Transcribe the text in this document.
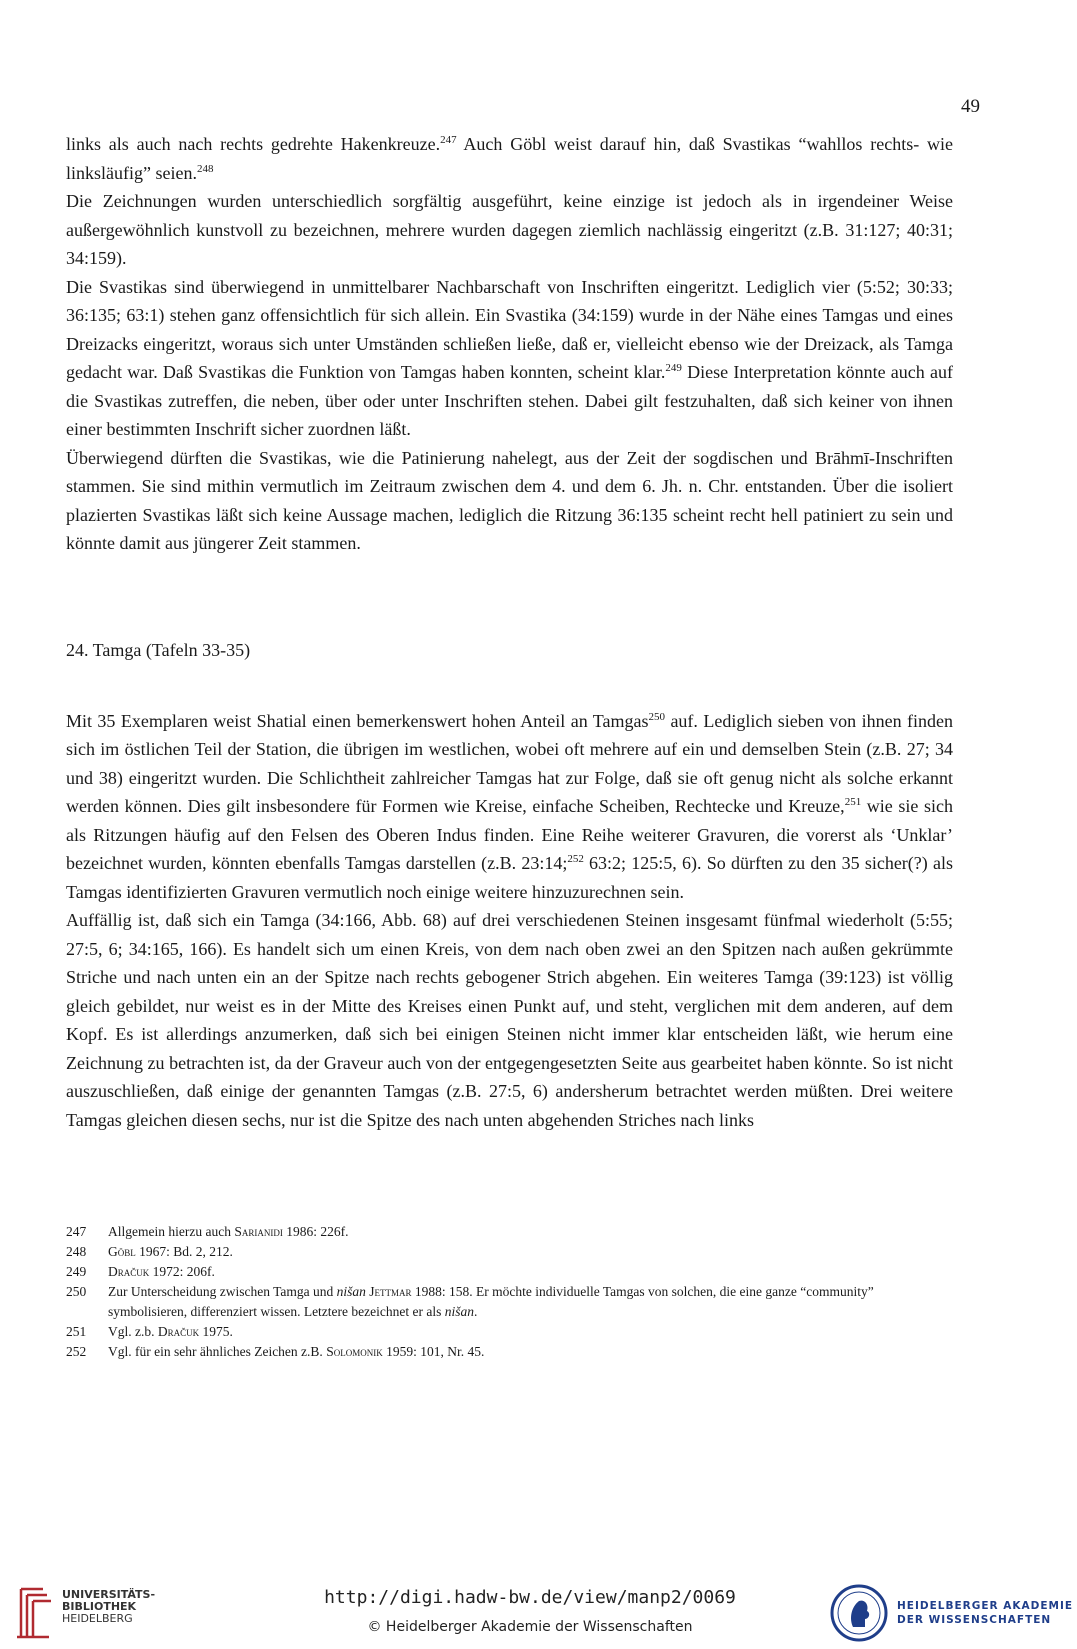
49

links als auch nach rechts gedrehte Hakenkreuze.$^{247}$ Auch Göbl weist darauf hin, daß Svastikas “wahllos rechts- wie linksläufig” seien.$^{248}$

Die Zeichnungen wurden unterschiedlich sorgfältig ausgeführt, keine einzige ist jedoch als in irgendeiner Weise außergewöhnlich kunstvoll zu bezeichnen, mehrere wurden dagegen ziemlich nachlässig eingeritzt (z.B. 31:127; 40:31; 34:159).

Die Svastikas sind überwiegend in unmittelbarer Nachbarschaft von Inschriften eingeritzt. Lediglich vier (5:52; 30:33; 36:135; 63:1) stehen ganz offensichtlich für sich allein. Ein Svastika (34:159) wurde in der Nähe eines Tamgas und eines Dreizacks eingeritzt, woraus sich unter Umständen schließen ließe, daß er, vielleicht ebenso wie der Dreizack, als Tamga gedacht war. Daß Svastikas die Funktion von Tamgas haben konnten, scheint klar.$^{249}$ Diese Interpretation könnte auch auf die Svastikas zutreffen, die neben, über oder unter Inschriften stehen. Dabei gilt festzuhalten, daß sich keiner von ihnen einer bestimmten Inschrift sicher zuordnen läßt.

Überwiegend dürften die Svastikas, wie die Patinierung nahelegt, aus der Zeit der sogdischen und Brāhmī-Inschriften stammen. Sie sind mithin vermutlich im Zeitraum zwischen dem 4. und dem 6. Jh. n. Chr. entstanden. Über die isoliert plazierten Svastikas läßt sich keine Aussage machen, lediglich die Ritzung 36:135 scheint recht hell patiniert zu sein und könnte damit aus jüngerer Zeit stammen.

24. Tamga (Tafeln 33-35)

Mit 35 Exemplaren weist Shatial einen bemerkenswert hohen Anteil an Tamgas$^{250}$ auf. Lediglich sieben von ihnen finden sich im östlichen Teil der Station, die übrigen im westlichen, wobei oft mehrere auf ein und demselben Stein (z.B. 27; 34 und 38) eingeritzt wurden. Die Schlichtheit zahlreicher Tamgas hat zur Folge, daß sie oft genug nicht als solche erkannt werden können. Dies gilt insbesondere für Formen wie Kreise, einfache Scheiben, Rechtecke und Kreuze,$^{251}$ wie sie sich als Ritzungen häufig auf den Felsen des Oberen Indus finden. Eine Reihe weiterer Gravuren, die vorerst als ‘Unklar’ bezeichnet wurden, könnten ebenfalls Tamgas darstellen (z.B. 23:14;$^{252}$ 63:2; 125:5, 6). So dürften zu den 35 sicher(?) als Tamgas identifizierten Gravuren vermutlich noch einige weitere hinzuzurechnen sein.

Auffällig ist, daß sich ein Tamga (34:166, Abb. 68) auf drei verschiedenen Steinen insgesamt fünfmal wiederholt (5:55; 27:5, 6; 34:165, 166). Es handelt sich um einen Kreis, von dem nach oben zwei an den Spitzen nach außen gekrümmte Striche und nach unten ein an der Spitze nach rechts gebogener Strich abgehen. Ein weiteres Tamga (39:123) ist völlig gleich gebildet, nur weist es in der Mitte des Kreises einen Punkt auf, und steht, verglichen mit dem anderen, auf dem Kopf. Es ist allerdings anzumerken, daß sich bei einigen Steinen nicht immer klar entscheiden läßt, wie herum eine Zeichnung zu betrachten ist, da der Graveur auch von der entgegengesetzten Seite aus gearbeitet haben könnte. So ist nicht auszuschließen, daß einige der genannten Tamgas (z.B. 27:5, 6) andersherum betrachtet werden müßten. Drei weitere Tamgas gleichen diesen sechs, nur ist die Spitze des nach unten abgehenden Striches nach links

247	Allgemein hierzu auch Sarianidi 1986: 226f.
248	Göbl 1967: Bd. 2, 212.
249	Dračuk 1972: 206f.
250	Zur Unterscheidung zwischen Tamga und nišan Jettmar 1988: 158. Er möchte individuelle Tamgas von solchen, die eine ganze “community” symbolisieren, differenziert wissen. Letztere bezeichnet er als nišan.
251	Vgl. z.b. Dračuk 1975.
252	Vgl. für ein sehr ähnliches Zeichen z.B. Solomonik 1959: 101, Nr. 45.
UNIVERSITÄTS-
BIBLIOTHEK
HEIDELBERG
http://digi.hadw-bw.de/view/manp2/0069
© Heidelberger Akademie der Wissenschaften
HEIDELBERGER AKADEMIE
DER WISSENSCHAFTEN
